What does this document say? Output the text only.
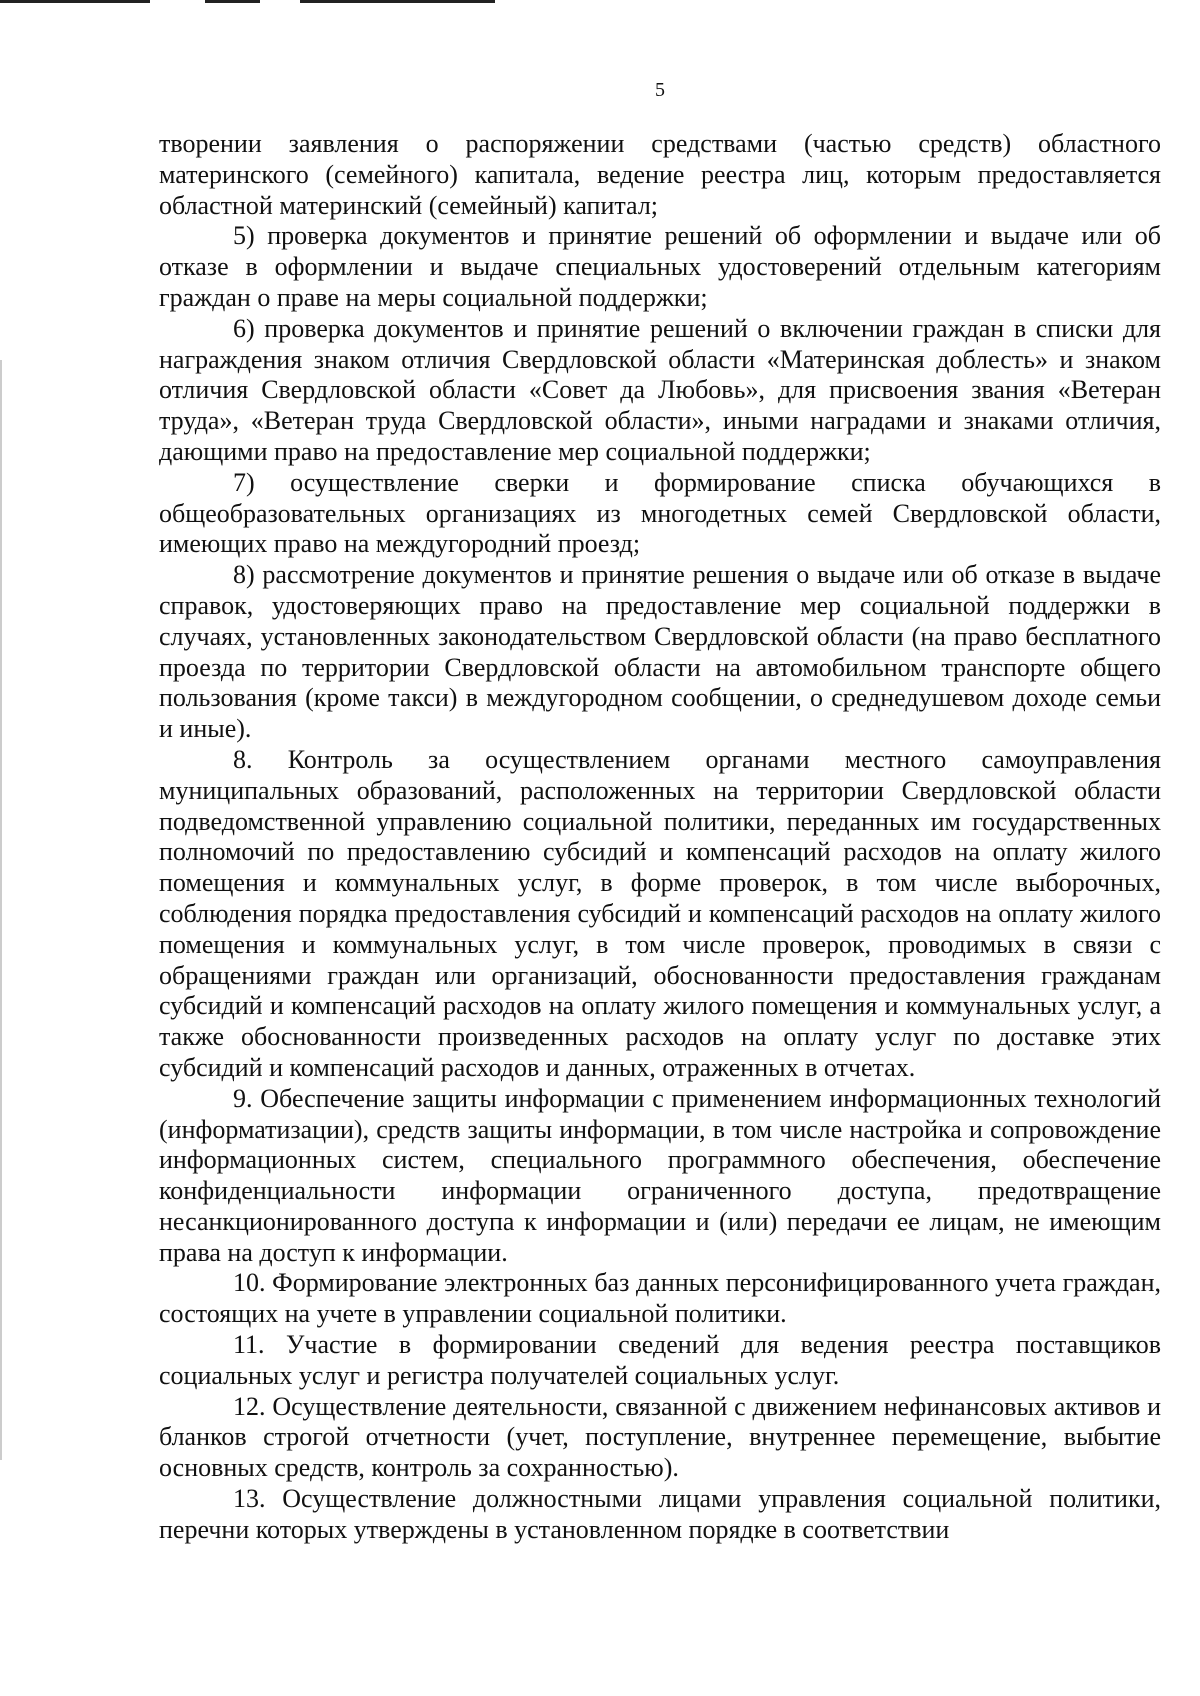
5

творении заявления о распоряжении средствами (частью средств) областного материнского (семейного) капитала, ведение реестра лиц, которым предоставляется областной материнский (семейный) капитал;

5) проверка документов и принятие решений об оформлении и выдаче или об отказе в оформлении и выдаче специальных удостоверений отдельным категориям граждан о праве на меры социальной поддержки;

6) проверка документов и принятие решений о включении граждан в списки для награждения знаком отличия Свердловской области «Материнская доблесть» и знаком отличия Свердловской области «Совет да Любовь», для присвоения звания «Ветеран труда», «Ветеран труда Свердловской области», иными наградами и знаками отличия, дающими право на предоставление мер социальной поддержки;

7) осуществление сверки и формирование списка обучающихся в общеобразовательных организациях из многодетных семей Свердловской области, имеющих право на междугородний проезд;

8) рассмотрение документов и принятие решения о выдаче или об отказе в выдаче справок, удостоверяющих право на предоставление мер социальной поддержки в случаях, установленных законодательством Свердловской области (на право бесплатного проезда по территории Свердловской области на автомобильном транспорте общего пользования (кроме такси) в междугородном сообщении, о среднедушевом доходе семьи и иные).

8. Контроль за осуществлением органами местного самоуправления муниципальных образований, расположенных на территории Свердловской области подведомственной управлению социальной политики, переданных им государственных полномочий по предоставлению субсидий и компенсаций расходов на оплату жилого помещения и коммунальных услуг, в форме проверок, в том числе выборочных, соблюдения порядка предоставления субсидий и компенсаций расходов на оплату жилого помещения и коммунальных услуг, в том числе проверок, проводимых в связи с обращениями граждан или организаций, обоснованности предоставления гражданам субсидий и компенсаций расходов на оплату жилого помещения и коммунальных услуг, а также обоснованности произведенных расходов на оплату услуг по доставке этих субсидий и компенсаций расходов и данных, отраженных в отчетах.

9. Обеспечение защиты информации с применением информационных технологий (информатизации), средств защиты информации, в том числе настройка и сопровождение информационных систем, специального программного обеспечения, обеспечение конфиденциальности информации ограниченного доступа, предотвращение несанкционированного доступа к информации и (или) передачи ее лицам, не имеющим права на доступ к информации.

10. Формирование электронных баз данных персонифицированного учета граждан, состоящих на учете в управлении социальной политики.

11. Участие в формировании сведений для ведения реестра поставщиков социальных услуг и регистра получателей социальных услуг.

12. Осуществление деятельности, связанной с движением нефинансовых активов и бланков строгой отчетности (учет, поступление, внутреннее перемещение, выбытие основных средств, контроль за сохранностью).

13. Осуществление должностными лицами управления социальной политики, перечни которых утверждены в установленном порядке в соответствии
